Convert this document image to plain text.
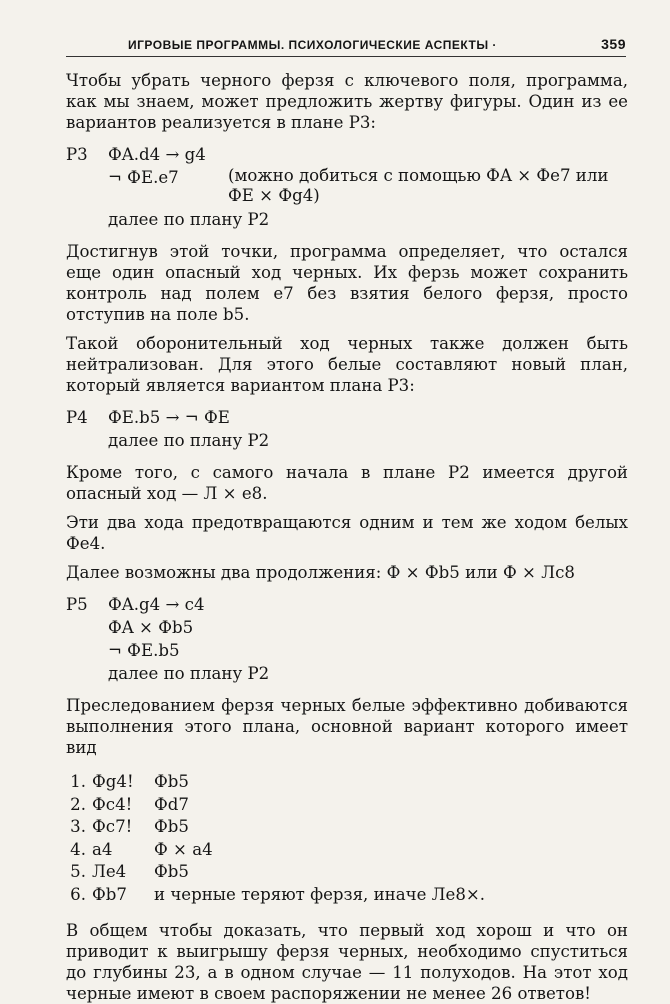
ИГРОВЫЕ ПРОГРАММЫ. ПСИХОЛОГИЧЕСКИЕ АСПЕКТЫ ·	359

Чтобы убрать черного ферзя с ключевого поля, программа, как мы знаем, может предложить жертву фигуры. Один из ее вариантов реализуется в плане Р3:

Р3	ФA.d4 → g4
¬ ФE.e7	(можно добиться с помощью ФA × Фe7 или ФE × Фg4)
далее по плану Р2

Достигнув этой точки, программа определяет, что остался еще один опасный ход черных. Их ферзь может сохранить контроль над полем e7 без взятия белого ферзя, просто отступив на поле b5.

Такой оборонительный ход черных также должен быть нейтрализован. Для этого белые составляют новый план, который является вариантом плана Р3:

Р4	ФE.b5 → ¬ ФE
далее по плану Р2

Кроме того, с самого начала в плане Р2 имеется другой опасный ход — Л × e8.

Эти два хода предотвращаются одним и тем же ходом белых Фe4.

Далее возможны два продолжения: Ф × Фb5 или Ф × Лc8

Р5	ФA.g4 → c4
ФA × Фb5
¬ ФE.b5
далее по плану Р2

Преследованием ферзя черных белые эффективно добиваются выполнения этого плана, основной вариант которого имеет вид

1. Фg4!	Фb5
2. Фc4!	Фd7
3. Фc7!	Фb5
4. a4	Ф × a4
5. Лe4	Фb5
6. Фb7	и черные теряют ферзя, иначе Лe8×.

В общем чтобы доказать, что первый ход хорош и что он приводит к выигрышу ферзя черных, необходимо спуститься до глубины 23, а в одном случае — 11 полуходов. На этот ход черные имеют в своем распоряжении не менее 26 ответов!
